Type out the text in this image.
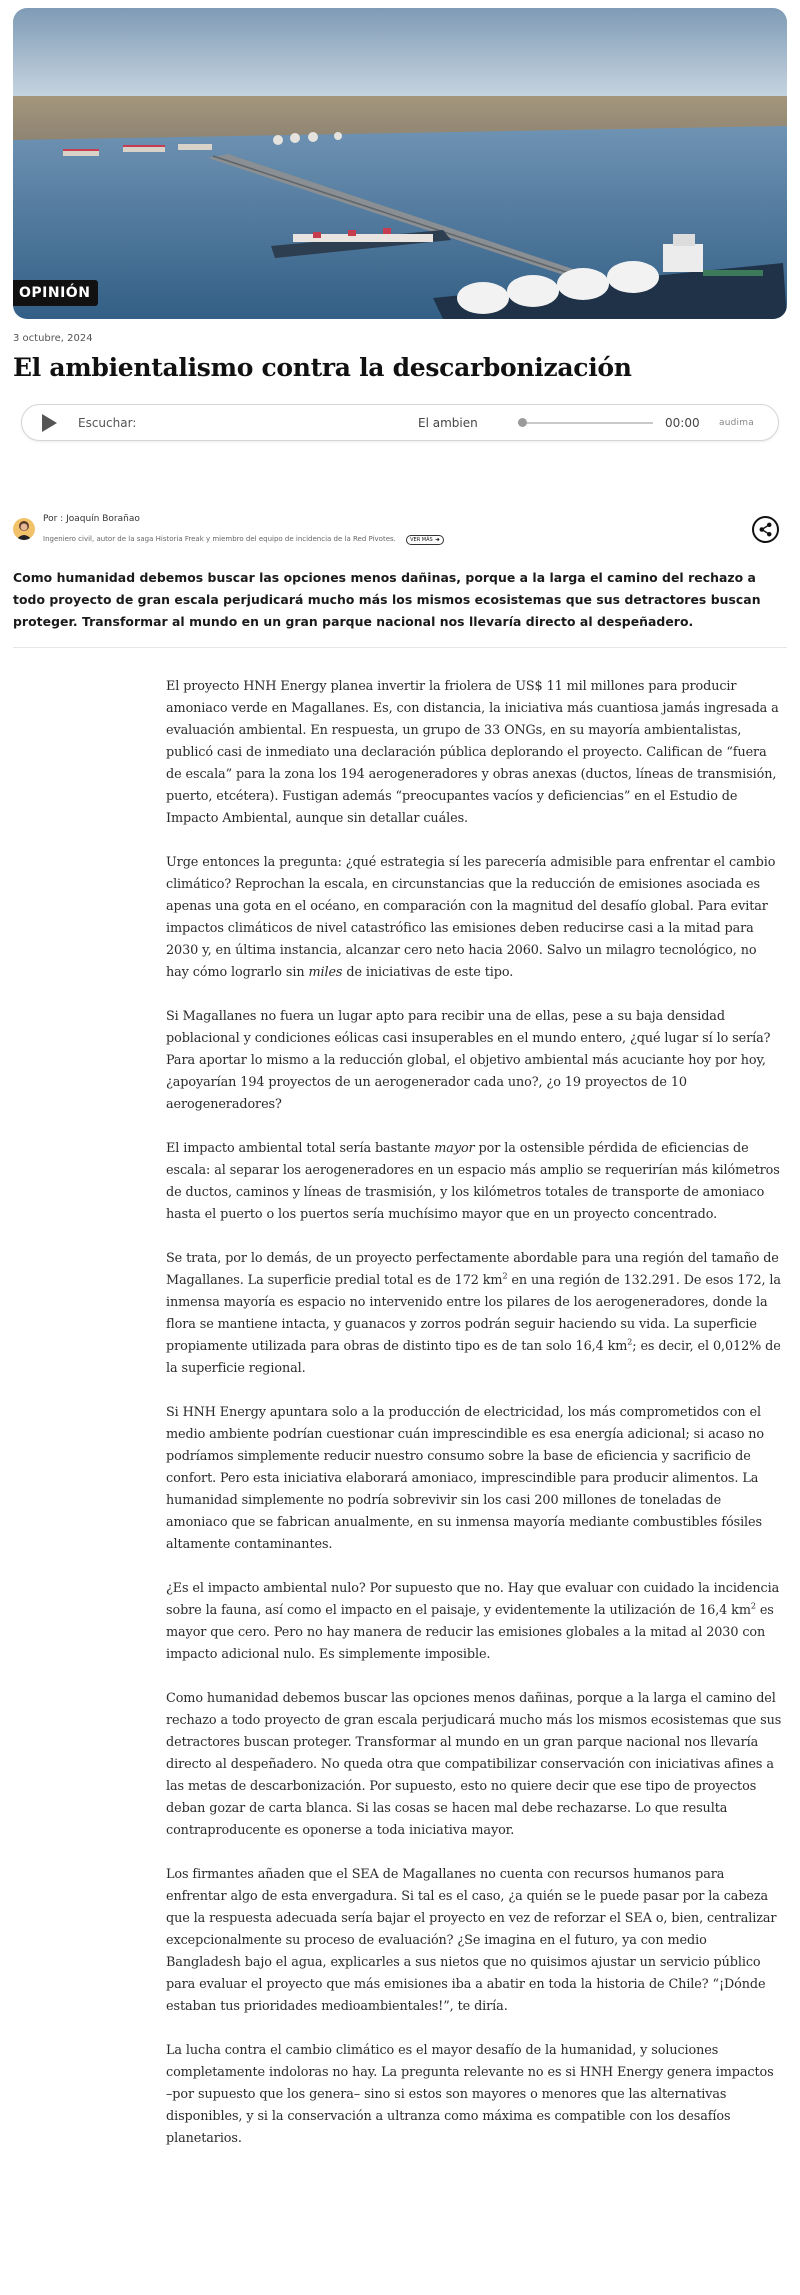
OPINIÓN
3 octubre, 2024
El ambientalismo contra la descarbonización
Escuchar:	El ambien	00:00	audima
Por : Joaquín Borañao
Ingeniero civil, autor de la saga Historia Freak y miembro del equipo de incidencia de la Red Pivotes.	VER MÁS

Como humanidad debemos buscar las opciones menos dañinas, porque a la larga el camino del rechazo a todo proyecto de gran escala perjudicará mucho más los mismos ecosistemas que sus detractores buscan proteger. Transformar al mundo en un gran parque nacional nos llevaría directo al despeñadero.

El proyecto HNH Energy planea invertir la friolera de US$ 11 mil millones para producir amoniaco verde en Magallanes. Es, con distancia, la iniciativa más cuantiosa jamás ingresada a evaluación ambiental. En respuesta, un grupo de 33 ONGs, en su mayoría ambientalistas, publicó casi de inmediato una declaración pública deplorando el proyecto. Califican de “fuera de escala” para la zona los 194 aerogeneradores y obras anexas (ductos, líneas de transmisión, puerto, etcétera). Fustigan además “preocupantes vacíos y deficiencias” en el Estudio de Impacto Ambiental, aunque sin detallar cuáles.

Urge entonces la pregunta: ¿qué estrategia sí les parecería admisible para enfrentar el cambio climático? Reprochan la escala, en circunstancias que la reducción de emisiones asociada es apenas una gota en el océano, en comparación con la magnitud del desafío global. Para evitar impactos climáticos de nivel catastrófico las emisiones deben reducirse casi a la mitad para 2030 y, en última instancia, alcanzar cero neto hacia 2060. Salvo un milagro tecnológico, no hay cómo lograrlo sin miles de iniciativas de este tipo.

Si Magallanes no fuera un lugar apto para recibir una de ellas, pese a su baja densidad poblacional y condiciones eólicas casi insuperables en el mundo entero, ¿qué lugar sí lo sería? Para aportar lo mismo a la reducción global, el objetivo ambiental más acuciante hoy por hoy, ¿apoyarían 194 proyectos de un aerogenerador cada uno?, ¿o 19 proyectos de 10 aerogeneradores?

El impacto ambiental total sería bastante mayor por la ostensible pérdida de eficiencias de escala: al separar los aerogeneradores en un espacio más amplio se requerirían más kilómetros de ductos, caminos y líneas de trasmisión, y los kilómetros totales de transporte de amoniaco hasta el puerto o los puertos sería muchísimo mayor que en un proyecto concentrado.

Se trata, por lo demás, de un proyecto perfectamente abordable para una región del tamaño de Magallanes. La superficie predial total es de 172 $km^2$ en una región de 132.291. De esos 172, la inmensa mayoría es espacio no intervenido entre los pilares de los aerogeneradores, donde la flora se mantiene intacta, y guanacos y zorros podrán seguir haciendo su vida. La superficie propiamente utilizada para obras de distinto tipo es de tan solo 16,4 $km^2$; es decir, el 0,012% de la superficie regional.

Si HNH Energy apuntara solo a la producción de electricidad, los más comprometidos con el medio ambiente podrían cuestionar cuán imprescindible es esa energía adicional; si acaso no podríamos simplemente reducir nuestro consumo sobre la base de eficiencia y sacrificio de confort. Pero esta iniciativa elaborará amoniaco, imprescindible para producir alimentos. La humanidad simplemente no podría sobrevivir sin los casi 200 millones de toneladas de amoniaco que se fabrican anualmente, en su inmensa mayoría mediante combustibles fósiles altamente contaminantes.

¿Es el impacto ambiental nulo? Por supuesto que no. Hay que evaluar con cuidado la incidencia sobre la fauna, así como el impacto en el paisaje, y evidentemente la utilización de 16,4 $km^2$ es mayor que cero. Pero no hay manera de reducir las emisiones globales a la mitad al 2030 con impacto adicional nulo. Es simplemente imposible.

Como humanidad debemos buscar las opciones menos dañinas, porque a la larga el camino del rechazo a todo proyecto de gran escala perjudicará mucho más los mismos ecosistemas que sus detractores buscan proteger. Transformar al mundo en un gran parque nacional nos llevaría directo al despeñadero. No queda otra que compatibilizar conservación con iniciativas afines a las metas de descarbonización. Por supuesto, esto no quiere decir que ese tipo de proyectos deban gozar de carta blanca. Si las cosas se hacen mal debe rechazarse. Lo que resulta contraproducente es oponerse a toda iniciativa mayor.

Los firmantes añaden que el SEA de Magallanes no cuenta con recursos humanos para enfrentar algo de esta envergadura. Si tal es el caso, ¿a quién se le puede pasar por la cabeza que la respuesta adecuada sería bajar el proyecto en vez de reforzar el SEA o, bien, centralizar excepcionalmente su proceso de evaluación? ¿Se imagina en el futuro, ya con medio Bangladesh bajo el agua, explicarles a sus nietos que no quisimos ajustar un servicio público para evaluar el proyecto que más emisiones iba a abatir en toda la historia de Chile? “¡Dónde estaban tus prioridades medioambientales!”, te diría.

La lucha contra el cambio climático es el mayor desafío de la humanidad, y soluciones completamente indoloras no hay. La pregunta relevante no es si HNH Energy genera impactos –por supuesto que los genera– sino si estos son mayores o menores que las alternativas disponibles, y si la conservación a ultranza como máxima es compatible con los desafíos planetarios.
